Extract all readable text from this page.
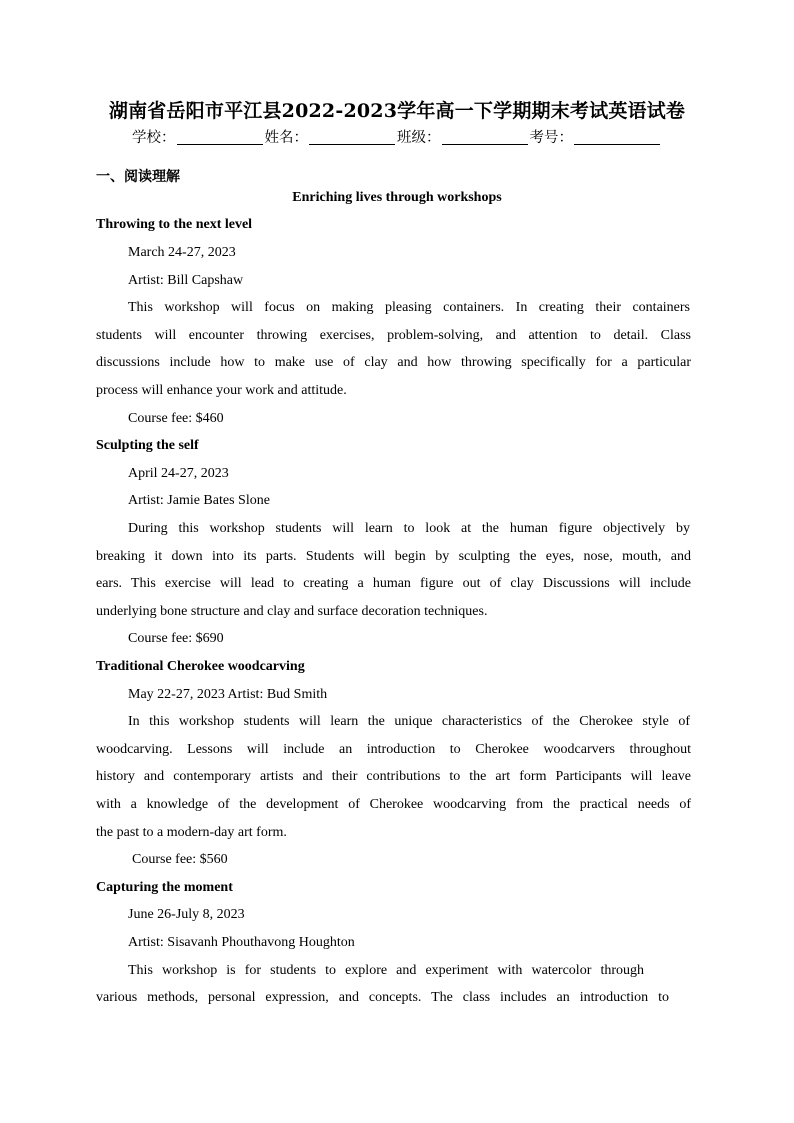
湖南省岳阳市平江县2022-2023学年高一下学期期末考试英语试卷
学校：	姓名：	班级：	考号：
一、阅读理解
Enriching lives through workshops
Throwing to the next level
March 24-27, 2023
Artist: Bill Capshaw
This workshop will focus on making pleasing containers. In creating their containers
students will encounter throwing exercises, problem-solving, and attention to detail. Class
discussions include how to make use of clay and how throwing specifically for a particular
process will enhance your work and attitude.
Course fee: $460
Sculpting the self
April 24-27, 2023
Artist: Jamie Bates Slone
During this workshop students will learn to look at the human figure objectively by
breaking it down into its parts. Students will begin by sculpting the eyes, nose, mouth, and
ears. This exercise will lead to creating a human figure out of clay Discussions will include
underlying bone structure and clay and surface decoration techniques.
Course fee: $690
Traditional Cherokee woodcarving
May 22-27, 2023 Artist: Bud Smith
In this workshop students will learn the unique characteristics of the Cherokee style of
woodcarving. Lessons will include an introduction to Cherokee woodcarvers throughout
history and contemporary artists and their contributions to the art form Participants will leave
with a knowledge of the development of Cherokee woodcarving from the practical needs of
the past to a modern-day art form.
Course fee: $560
Capturing the moment
June 26-July 8, 2023
Artist: Sisavanh Phouthavong Houghton
This workshop is for students to explore and experiment with watercolor through
various methods, personal expression, and concepts. The class includes an introduction to
